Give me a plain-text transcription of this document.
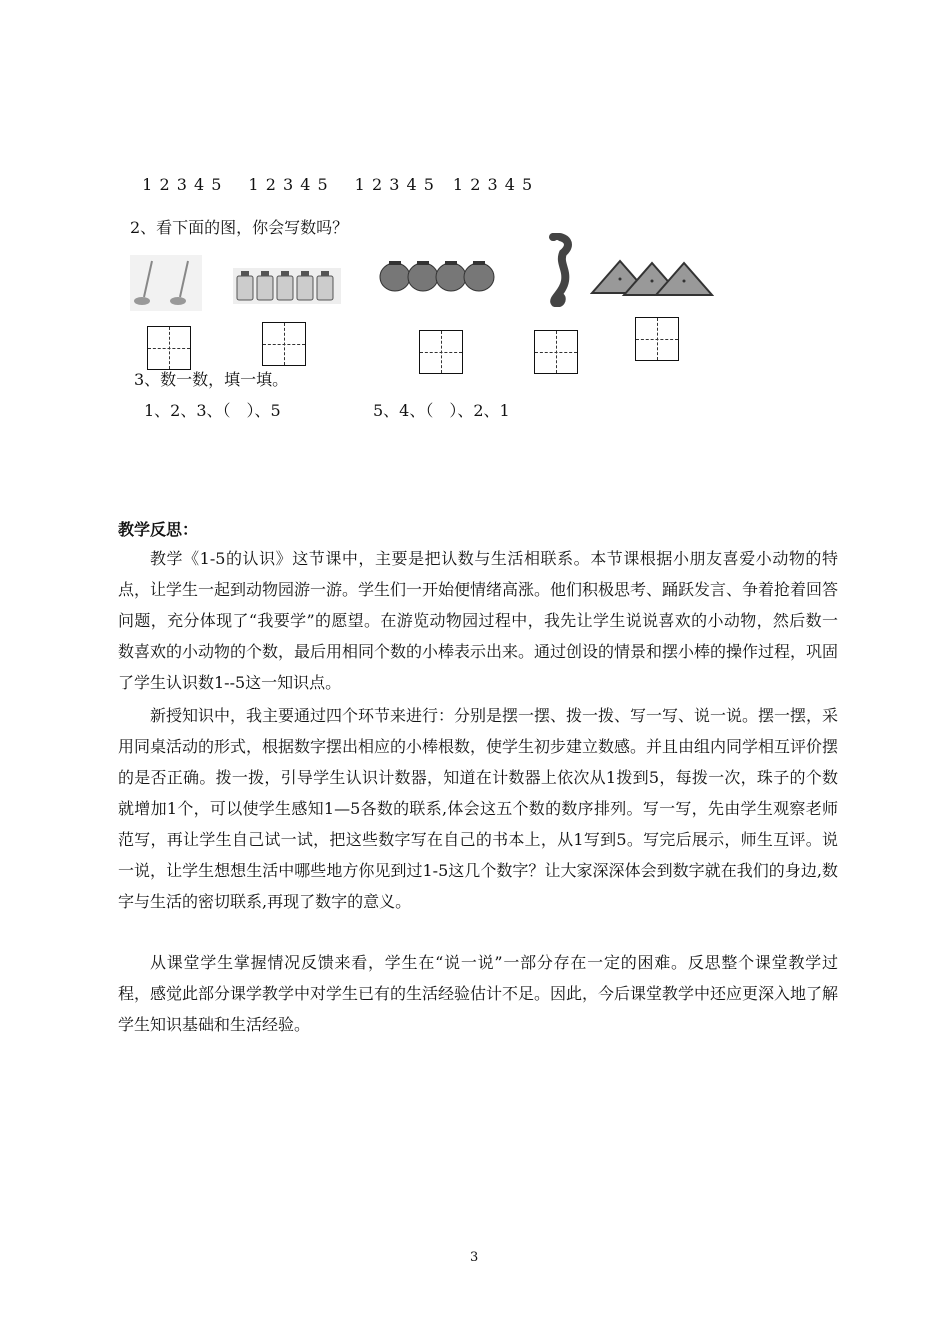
1 2 3 4 5 1 2 3 4 5 1 2 3 4 5 1 2 3 4 5

2、看下面的图，你会写数吗？
3、数一数，填一填。
1、2、3、（　）、5	5、4、（　）、2、1
教学反思：
教学《1-5的认识》这节课中，主要是把认数与生活相联系。本节课根据小朋友喜爱小动物的特点，让学生一起到动物园游一游。学生们一开始便情绪高涨。他们积极思考、踊跃发言、争着抢着回答问题，充分体现了“我要学”的愿望。在游览动物园过程中，我先让学生说说喜欢的小动物，然后数一数喜欢的小动物的个数，最后用相同个数的小棒表示出来。通过创设的情景和摆小棒的操作过程，巩固了学生认识数1--5这一知识点。
新授知识中，我主要通过四个环节来进行：分别是摆一摆、拨一拨、写一写、说一说。摆一摆，采用同桌活动的形式，根据数字摆出相应的小棒根数，使学生初步建立数感。并且由组内同学相互评价摆的是否正确。拨一拨，引导学生认识计数器，知道在计数器上依次从1拨到5，每拨一次，珠子的个数就增加1个，可以使学生感知1—5各数的联系,体会这五个数的数序排列。写一写，先由学生观察老师范写，再让学生自己试一试，把这些数字写在自己的书本上，从1写到5。写完后展示，师生互评。说一说，让学生想想生活中哪些地方你见到过1-5这几个数字？让大家深深体会到数字就在我们的身边,数字与生活的密切联系,再现了数字的意义。
从课堂学生掌握情况反馈来看，学生在“说一说”一部分存在一定的困难。反思整个课堂教学过程，感觉此部分课学教学中对学生已有的生活经验估计不足。因此，今后课堂教学中还应更深入地了解学生知识基础和生活经验。
3
